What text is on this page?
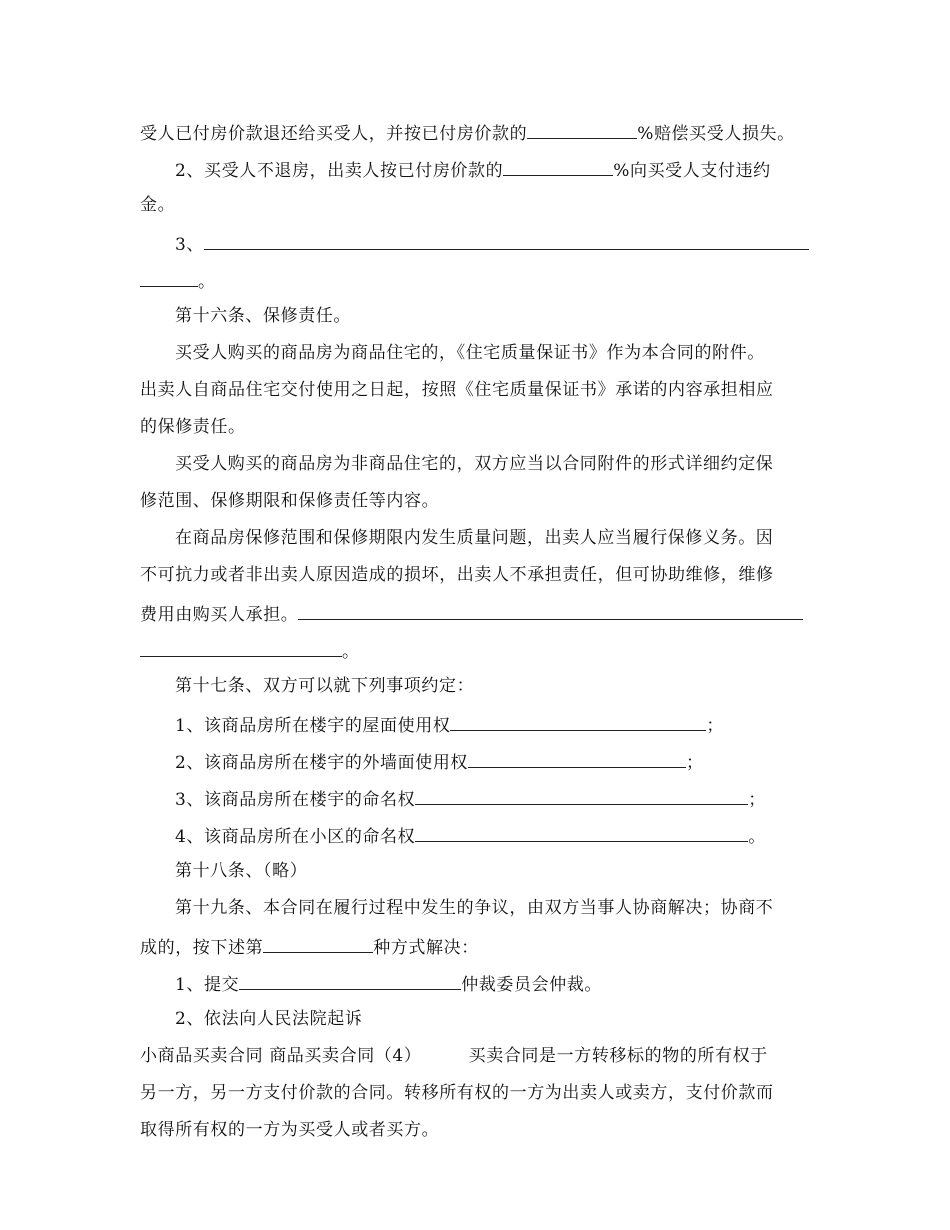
受人已付房价款退还给买受人，并按已付房价款的	%赔偿买受人损失。
2、买受人不退房，出卖人按已付房价款的	%向买受人支付违约
金。
3、
。
第十六条、保修责任。
买受人购买的商品房为商品住宅的，《住宅质量保证书》作为本合同的附件。
出卖人自商品住宅交付使用之日起，按照《住宅质量保证书》承诺的内容承担相应
的保修责任。
买受人购买的商品房为非商品住宅的，双方应当以合同附件的形式详细约定保
修范围、保修期限和保修责任等内容。
在商品房保修范围和保修期限内发生质量问题，出卖人应当履行保修义务。因
不可抗力或者非出卖人原因造成的损坏，出卖人不承担责任，但可协助维修，维修
费用由购买人承担。
。
第十七条、双方可以就下列事项约定：
1、该商品房所在楼宇的屋面使用权	；
2、该商品房所在楼宇的外墙面使用权	；
3、该商品房所在楼宇的命名权	；
4、该商品房所在小区的命名权	。
第十八条、（略）
第十九条、本合同在履行过程中发生的争议，由双方当事人协商解决；协商不
成的，按下述第	种方式解决：
1、提交	仲裁委员会仲裁。
2、依法向人民法院起诉
小商品买卖合同 商品买卖合同（4） 　　 买卖合同是一方转移标的物的所有权于
另一方，另一方支付价款的合同。转移所有权的一方为出卖人或卖方，支付价款而
取得所有权的一方为买受人或者买方。
